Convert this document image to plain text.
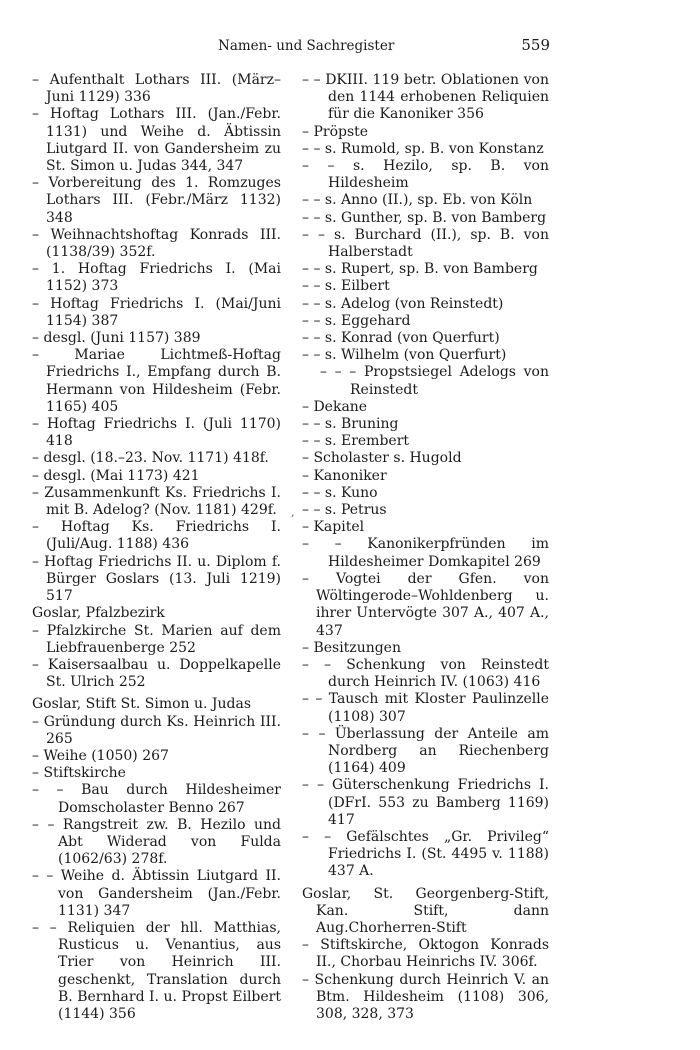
Namen- und Sachregister	559
– Aufenthalt Lothars III. (März–Juni 1129) 336
– Hoftag Lothars III. (Jan./Febr. 1131) und Weihe d. Äbtissin Liutgard II. von Gandersheim zu St. Simon u. Judas 344, 347
– Vorbereitung des 1. Romzuges Lothars III. (Febr./März 1132) 348
– Weihnachtshoftag Konrads III. (1138/39) 352f.
– 1. Hoftag Friedrichs I. (Mai 1152) 373
– Hoftag Friedrichs I. (Mai/Juni 1154) 387
– desgl. (Juni 1157) 389
– Mariae Lichtmeß-Hoftag Friedrichs I., Empfang durch B. Hermann von Hildesheim (Febr. 1165) 405
– Hoftag Friedrichs I. (Juli 1170) 418
– desgl. (18.–23. Nov. 1171) 418f.
– desgl. (Mai 1173) 421
– Zusammenkunft Ks. Friedrichs I. mit B. Adelog? (Nov. 1181) 429f.
– Hoftag Ks. Friedrichs I. (Juli/Aug. 1188) 436
– Hoftag Friedrichs II. u. Diplom f. Bürger Goslars (13. Juli 1219) 517
Goslar, Pfalzbezirk
– Pfalzkirche St. Marien auf dem Liebfrauenberge 252
– Kaisersaalbau u. Doppelkapelle St. Ulrich 252
Goslar, Stift St. Simon u. Judas
– Gründung durch Ks. Heinrich III. 265
– Weihe (1050) 267
– Stiftskirche
– – Bau durch Hildesheimer Domscholaster Benno 267
– – Rangstreit zw. B. Hezilo und Abt Widerad von Fulda (1062/63) 278f.
– – Weihe d. Äbtissin Liutgard II. von Gandersheim (Jan./Febr. 1131) 347
– – Reliquien der hll. Matthias, Rusticus u. Venantius, aus Trier von Heinrich III. geschenkt, Translation durch B. Bernhard I. u. Propst Eilbert (1144) 356
– – DKIII. 119 betr. Oblationen von den 1144 erhobenen Reliquien für die Kanoniker 356
– Pröpste
– – s. Rumold, sp. B. von Konstanz
– – s. Hezilo, sp. B. von Hildesheim
– – s. Anno (II.), sp. Eb. von Köln
– – s. Gunther, sp. B. von Bamberg
– – s. Burchard (II.), sp. B. von Halberstadt
– – s. Rupert, sp. B. von Bamberg
– – s. Eilbert
– – s. Adelog (von Reinstedt)
– – s. Eggehard
– – s. Konrad (von Querfurt)
– – s. Wilhelm (von Querfurt)
– – – Propstsiegel Adelogs von Reinstedt
– Dekane
– – s. Bruning
– – s. Erembert
– Scholaster s. Hugold
– Kanoniker
– – s. Kuno
– – s. Petrus
– Kapitel
– – Kanonikerpfründen im Hildesheimer Domkapitel 269
– Vogtei der Gfen. von Wöltingerode–Wohldenberg u. ihrer Untervögte 307 A., 407 A., 437
– Besitzungen
– – Schenkung von Reinstedt durch Heinrich IV. (1063) 416
– – Tausch mit Kloster Paulinzelle (1108) 307
– – Überlassung der Anteile am Nordberg an Riechenberg (1164) 409
– – Güterschenkung Friedrichs I. (DFrI. 553 zu Bamberg 1169) 417
– – Gefälschtes „Gr. Privileg“ Friedrichs I. (St. 4495 v. 1188) 437 A.
Goslar, St. Georgenberg-Stift, Kan. Stift, dann Aug.Chorherren-Stift
– Stiftskirche, Oktogon Konrads II., Chorbau Heinrichs IV. 306f.
– Schenkung durch Heinrich V. an Btm. Hildesheim (1108) 306, 308, 328, 373
,
